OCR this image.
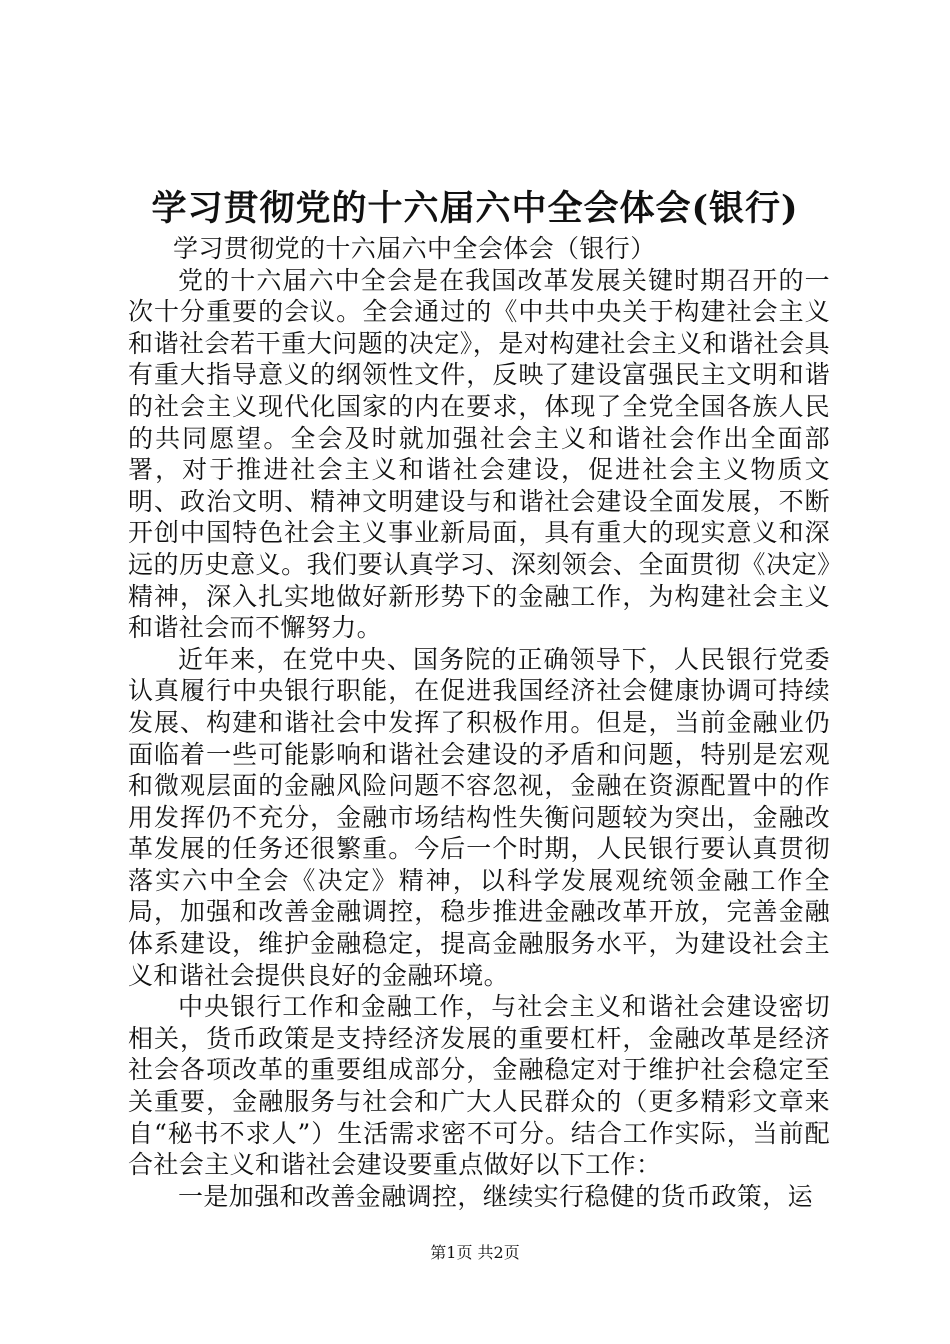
学习贯彻党的十六届六中全会体会(银行)

学习贯彻党的十六届六中全会体会（银行）

党的十六届六中全会是在我国改革发展关键时期召开的一次十分重要的会议。全会通过的《中共中央关于构建社会主义和谐社会若干重大问题的决定》，是对构建社会主义和谐社会具有重大指导意义的纲领性文件，反映了建设富强民主文明和谐的社会主义现代化国家的内在要求，体现了全党全国各族人民的共同愿望。全会及时就加强社会主义和谐社会作出全面部署，对于推进社会主义和谐社会建设，促进社会主义物质文明、政治文明、精神文明建设与和谐社会建设全面发展，不断开创中国特色社会主义事业新局面，具有重大的现实意义和深远的历史意义。我们要认真学习、深刻领会、全面贯彻《决定》精神，深入扎实地做好新形势下的金融工作，为构建社会主义和谐社会而不懈努力。

近年来，在党中央、国务院的正确领导下，人民银行党委认真履行中央银行职能，在促进我国经济社会健康协调可持续发展、构建和谐社会中发挥了积极作用。但是，当前金融业仍面临着一些可能影响和谐社会建设的矛盾和问题，特别是宏观和微观层面的金融风险问题不容忽视，金融在资源配置中的作用发挥仍不充分，金融市场结构性失衡问题较为突出，金融改革发展的任务还很繁重。今后一个时期，人民银行要认真贯彻落实六中全会《决定》精神，以科学发展观统领金融工作全局，加强和改善金融调控，稳步推进金融改革开放，完善金融体系建设，维护金融稳定，提高金融服务水平，为建设社会主义和谐社会提供良好的金融环境。

中央银行工作和金融工作，与社会主义和谐社会建设密切相关，货币政策是支持经济发展的重要杠杆，金融改革是经济社会各项改革的重要组成部分，金融稳定对于维护社会稳定至关重要，金融服务与社会和广大人民群众的（更多精彩文章来自“秘书不求人”）生活需求密不可分。结合工作实际，当前配合社会主义和谐社会建设要重点做好以下工作：

一是加强和改善金融调控，继续实行稳健的货币政策，运

第1页 共2页
